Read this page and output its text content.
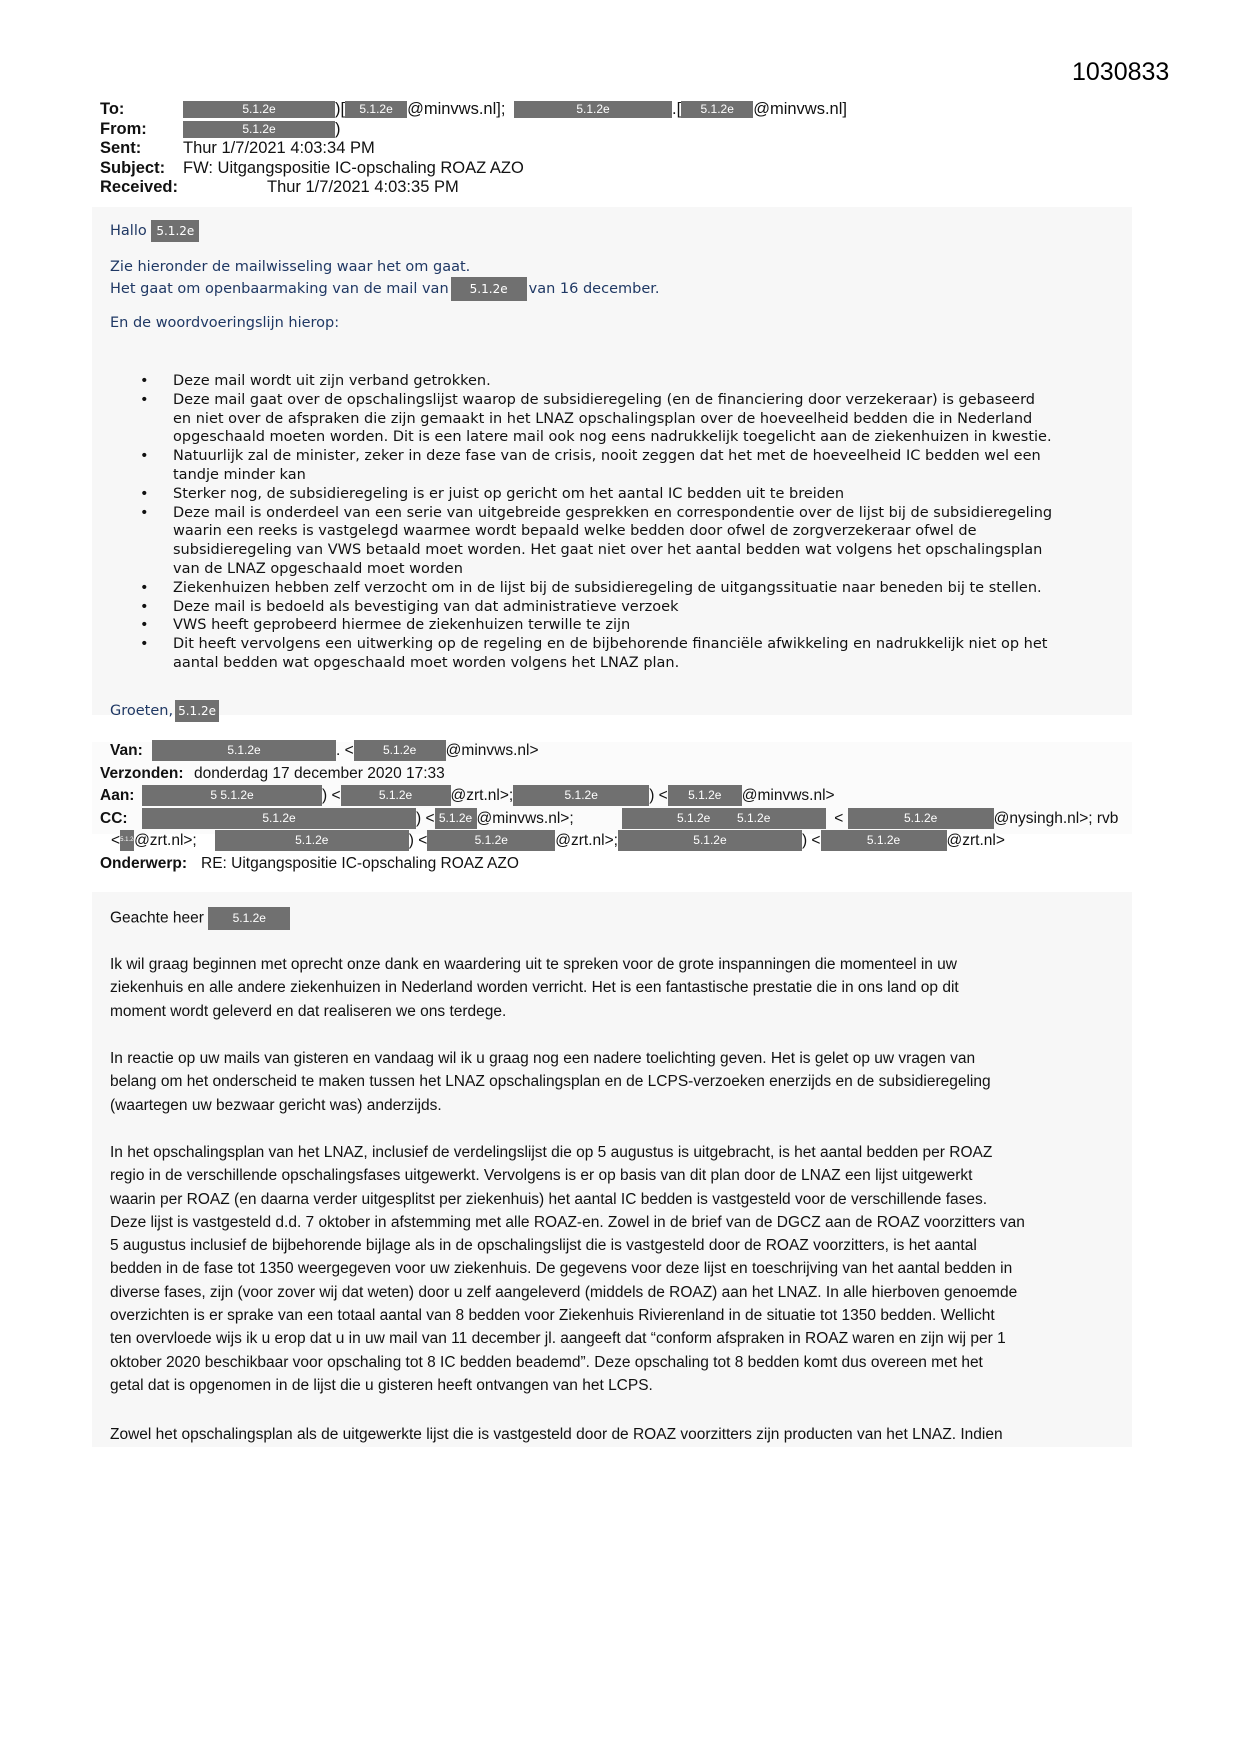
1030833
To:	5.1.2e	)[ 5.1.2e @minvws.nl];	5.1.2e	.[ 5.1.2e @minvws.nl]
From:	5.1.2e	)
Sent:	Thur 1/7/2021 4:03:34 PM
Subject: FW: Uitgangspositie IC-opschaling ROAZ AZO
Received:	Thur 1/7/2021 4:03:35 PM
Hallo 5.1.2e
Zie hieronder de mailwisseling waar het om gaat.
Het gaat om openbaarmaking van de mail van 5.1.2e van 16 december.
En de woordvoeringslijn hierop:
• Deze mail wordt uit zijn verband getrokken.
• Deze mail gaat over de opschalingslijst waarop de subsidieregeling (en de financiering door verzekeraar) is gebaseerd
en niet over de afspraken die zijn gemaakt in het LNAZ opschalingsplan over de hoeveelheid bedden die in Nederland
opgeschaald moeten worden. Dit is een latere mail ook nog eens nadrukkelijk toegelicht aan de ziekenhuizen in kwestie.
• Natuurlijk zal de minister, zeker in deze fase van de crisis, nooit zeggen dat het met de hoeveelheid IC bedden wel een
tandje minder kan
• Sterker nog, de subsidieregeling is er juist op gericht om het aantal IC bedden uit te breiden
• Deze mail is onderdeel van een serie van uitgebreide gesprekken en correspondentie over de lijst bij de subsidieregeling
waarin een reeks is vastgelegd waarmee wordt bepaald welke bedden door ofwel de zorgverzekeraar ofwel de
subsidieregeling van VWS betaald moet worden. Het gaat niet over het aantal bedden wat volgens het opschalingsplan
van de LNAZ opgeschaald moet worden
• Ziekenhuizen hebben zelf verzocht om in de lijst bij de subsidieregeling de uitgangssituatie naar beneden bij te stellen.
• Deze mail is bedoeld als bevestiging van dat administratieve verzoek
• VWS heeft geprobeerd hiermee de ziekenhuizen terwille te zijn
• Dit heeft vervolgens een uitwerking op de regeling en de bijbehorende financiële afwikkeling en nadrukkelijk niet op het
aantal bedden wat opgeschaald moet worden volgens het LNAZ plan.
Groeten, 5.1.2e
Van:	5.1.2e	. < 5.1.2e @minvws.nl>
Verzonden: donderdag 17 december 2020 17:33
Aan:	5 5.1.2e	) <	5.1.2e @zrt.nl>;	5.1.2e	) < 5.1.2e @minvws.nl>
CC:	5.1.2e	) < 5.1.2e @minvws.nl>;	5.1.2e 5.1.2e	<	5.1.2e	@nysingh.nl>; rvb
<5.1.2e@zrt.nl>;	5.1.2e	) <	5.1.2e	@zrt.nl>;	5.1.2e	) <	5.1.2e	@zrt.nl>
Onderwerp: RE: Uitgangspositie IC-opschaling ROAZ AZO
Geachte heer 5.1.2e
Ik wil graag beginnen met oprecht onze dank en waardering uit te spreken voor de grote inspanningen die momenteel in uw
ziekenhuis en alle andere ziekenhuizen in Nederland worden verricht. Het is een fantastische prestatie die in ons land op dit
moment wordt geleverd en dat realiseren we ons terdege.
In reactie op uw mails van gisteren en vandaag wil ik u graag nog een nadere toelichting geven. Het is gelet op uw vragen van
belang om het onderscheid te maken tussen het LNAZ opschalingsplan en de LCPS-verzoeken enerzijds en de subsidieregeling
(waartegen uw bezwaar gericht was) anderzijds.
In het opschalingsplan van het LNAZ, inclusief de verdelingslijst die op 5 augustus is uitgebracht, is het aantal bedden per ROAZ
regio in de verschillende opschalingsfases uitgewerkt. Vervolgens is er op basis van dit plan door de LNAZ een lijst uitgewerkt
waarin per ROAZ (en daarna verder uitgesplitst per ziekenhuis) het aantal IC bedden is vastgesteld voor de verschillende fases.
Deze lijst is vastgesteld d.d. 7 oktober in afstemming met alle ROAZ-en. Zowel in de brief van de DGCZ aan de ROAZ voorzitters van
5 augustus inclusief de bijbehorende bijlage als in de opschalingslijst die is vastgesteld door de ROAZ voorzitters, is het aantal
bedden in de fase tot 1350 weergegeven voor uw ziekenhuis. De gegevens voor deze lijst en toeschrijving van het aantal bedden in
diverse fases, zijn (voor zover wij dat weten) door u zelf aangeleverd (middels de ROAZ) aan het LNAZ. In alle hierboven genoemde
overzichten is er sprake van een totaal aantal van 8 bedden voor Ziekenhuis Rivierenland in de situatie tot 1350 bedden. Wellicht
ten overvloede wijs ik u erop dat u in uw mail van 11 december jl. aangeeft dat “conform afspraken in ROAZ waren en zijn wij per 1
oktober 2020 beschikbaar voor opschaling tot 8 IC bedden beademd”. Deze opschaling tot 8 bedden komt dus overeen met het
getal dat is opgenomen in de lijst die u gisteren heeft ontvangen van het LCPS.
Zowel het opschalingsplan als de uitgewerkte lijst die is vastgesteld door de ROAZ voorzitters zijn producten van het LNAZ. Indien
